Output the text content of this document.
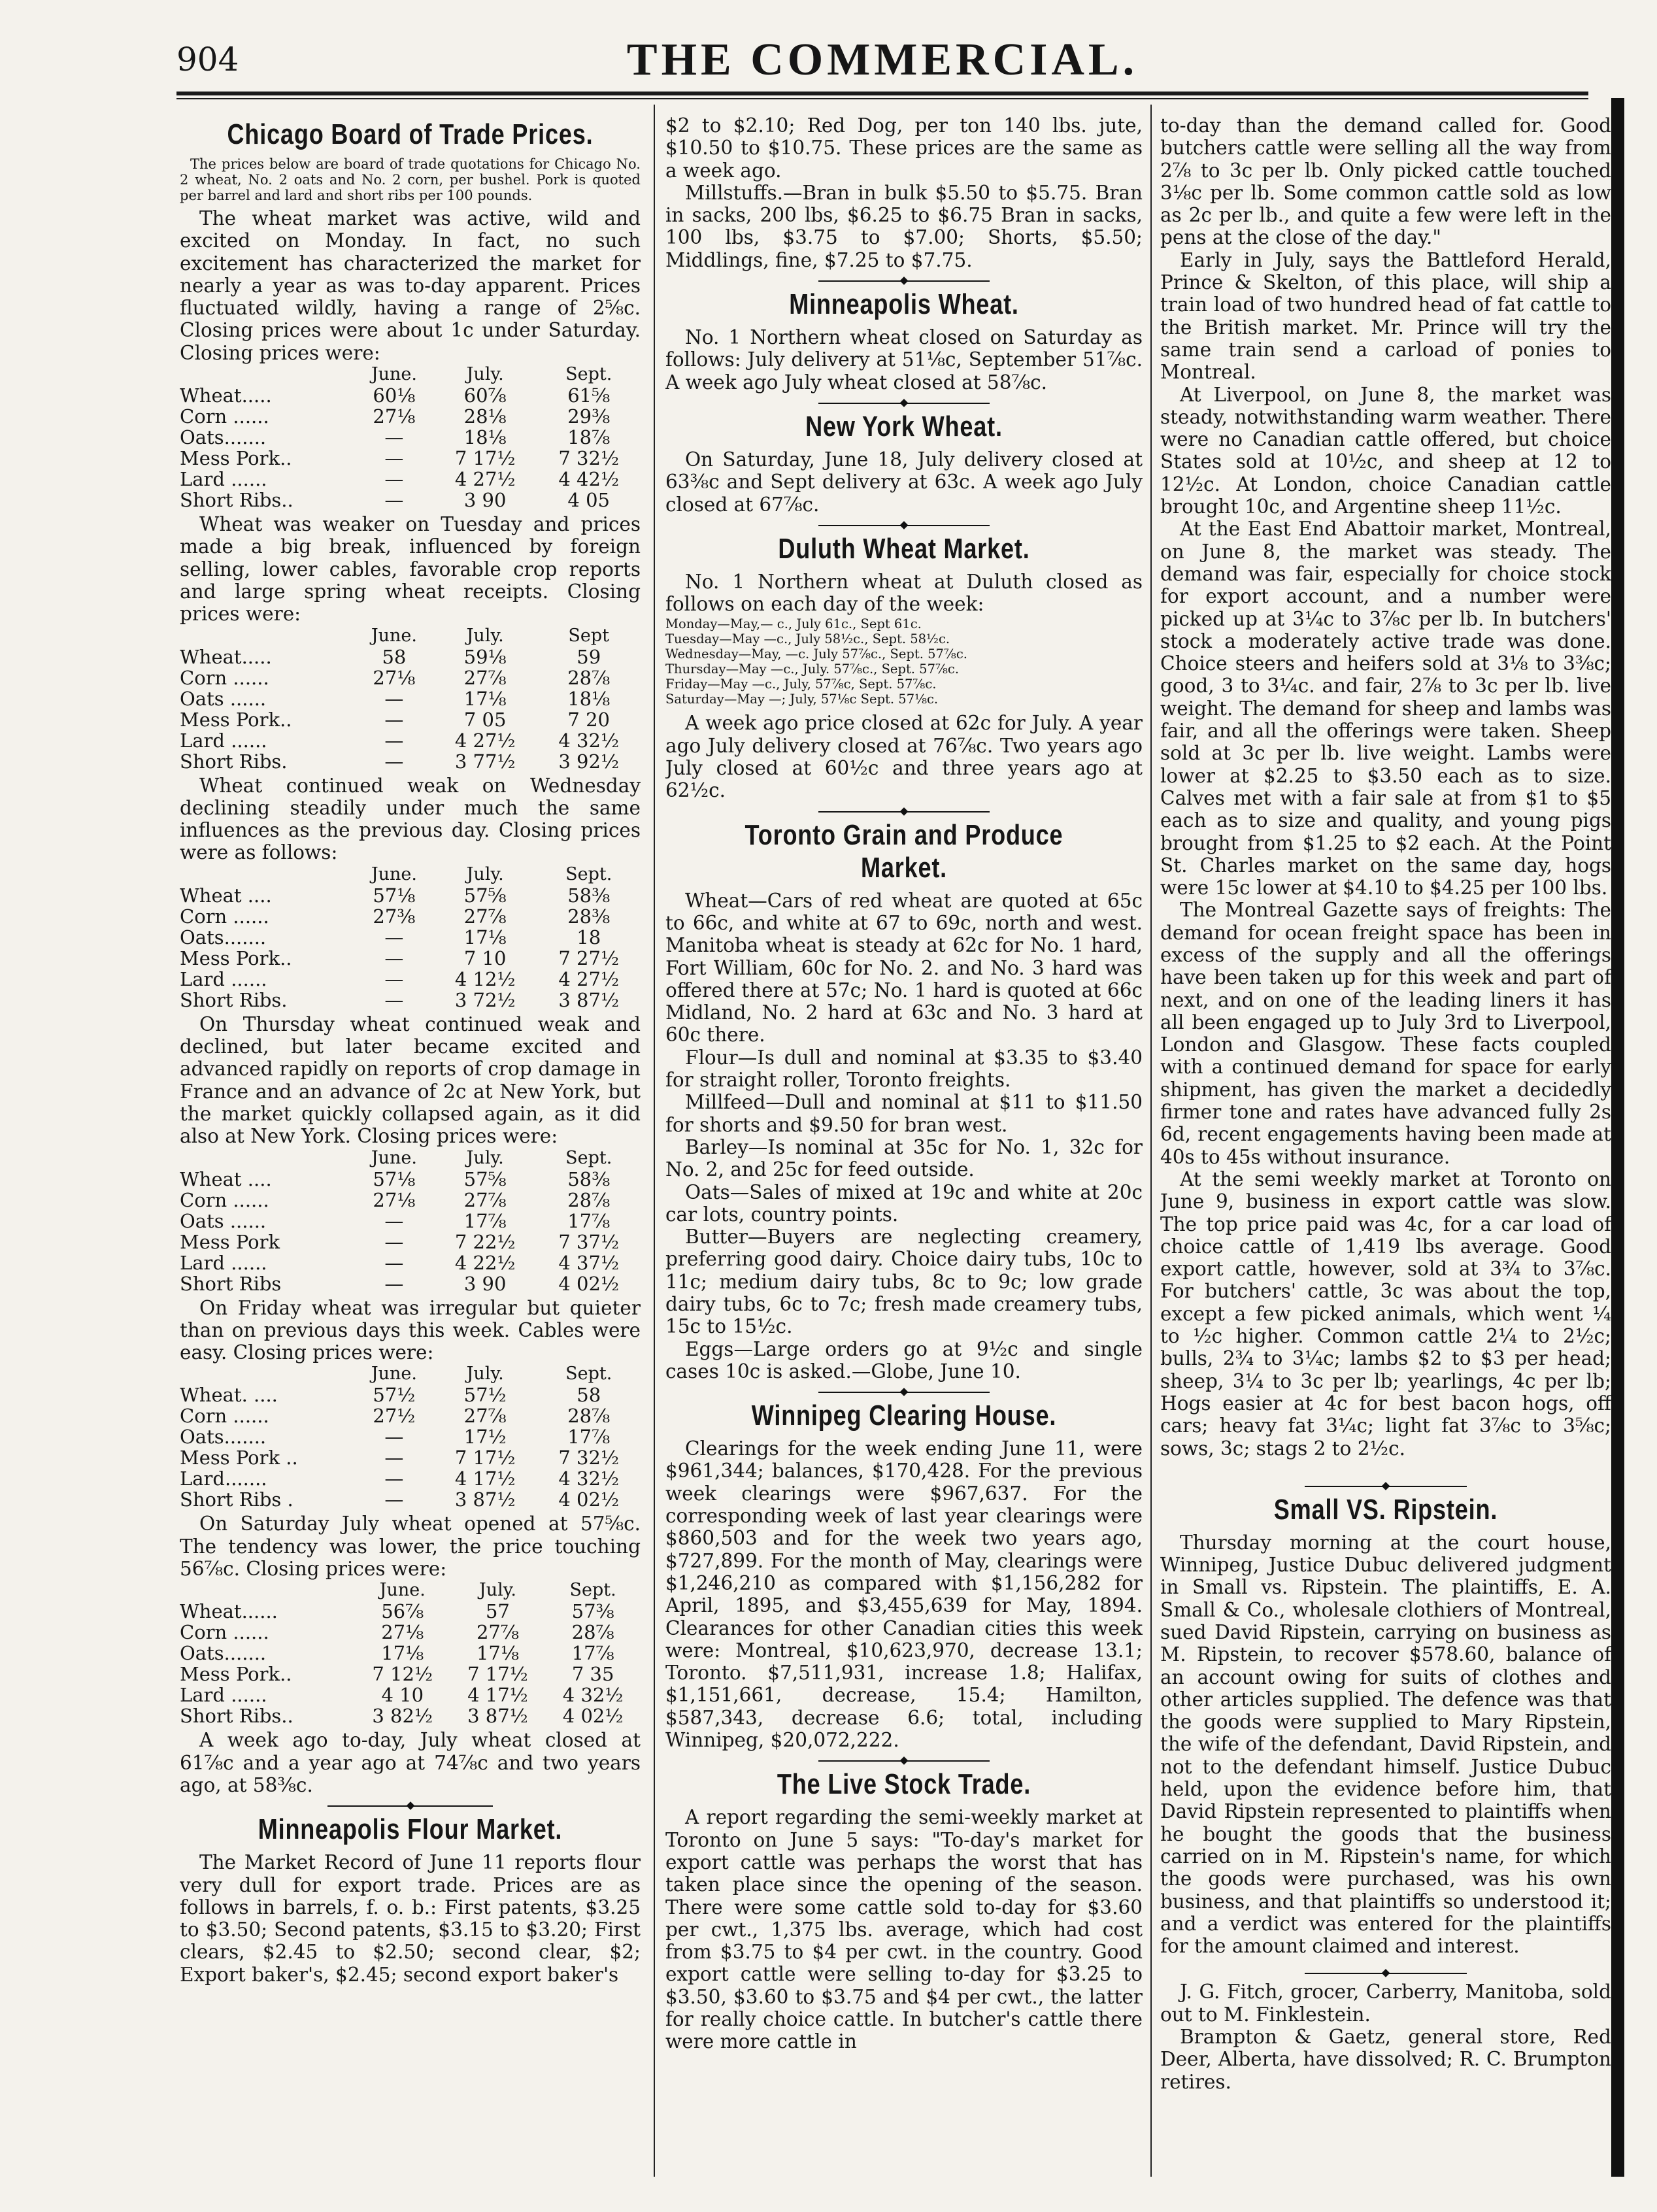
904	THE COMMERCIAL.
Chicago Board of Trade Prices.

The prices below are board of trade quotations for Chicago No. 2 wheat, No. 2 oats and No. 2 corn, per bushel. Pork is quoted per barrel and lard and short ribs per 100 pounds.

The wheat market was active, wild and excited on Monday. In fact, no such excitement has characterized the market for nearly a year as was to-day apparent. Prices fluctuated wildly, having a range of 2⅝c. Closing prices were about 1c under Saturday. Closing prices were:

	June.	July.	Sept.
Wheat.....	60⅛	60⅞	61⅝
Corn ......	27⅛	28⅛	29⅜
Oats.......	—	18⅛	18⅞
Mess Pork..	—	7 17½	7 32½
Lard ......	—	4 27½	4 42½
Short Ribs..	—	3 90	4 05

Wheat was weaker on Tuesday and prices made a big break, influenced by foreign selling, lower cables, favorable crop reports and large spring wheat receipts. Closing prices were:

	June.	July.	Sept
Wheat.....	58	59⅛	59
Corn ......	27⅛	27⅞	28⅞
Oats ......	—	17⅛	18⅛
Mess Pork..	—	7 05	7 20
Lard ......	—	4 27½	4 32½
Short Ribs.	—	3 77½	3 92½

Wheat continued weak on Wednesday declining steadily under much the same influences as the previous day. Closing prices were as follows:

	June.	July.	Sept.
Wheat ....	57⅛	57⅝	58⅜
Corn ......	27⅜	27⅞	28⅜
Oats.......	—	17⅛	18
Mess Pork..	—	7 10	7 27½
Lard ......	—	4 12½	4 27½
Short Ribs.	—	3 72½	3 87½

On Thursday wheat continued weak and declined, but later became excited and advanced rapidly on reports of crop damage in France and an advance of 2c at New York, but the market quickly collapsed again, as it did also at New York. Closing prices were:

	June.	July.	Sept.
Wheat ....	57⅛	57⅝	58⅜
Corn ......	27⅛	27⅞	28⅞
Oats ......	—	17⅞	17⅞
Mess Pork	—	7 22½	7 37½
Lard ......	—	4 22½	4 37½
Short Ribs	—	3 90	4 02½

On Friday wheat was irregular but quieter than on previous days this week. Cables were easy. Closing prices were:

	June.	July.	Sept.
Wheat. ....	57½	57½	58
Corn ......	27½	27⅞	28⅞
Oats.......	—	17½	17⅞
Mess Pork ..	—	7 17½	7 32½
Lard.......	—	4 17½	4 32½
Short Ribs .	—	3 87½	4 02½

On Saturday July wheat opened at 57⅝c. The tendency was lower, the price touching 56⅞c. Closing prices were:

	June.	July.	Sept.
Wheat......	56⅞	57	57⅜
Corn ......	27⅛	27⅞	28⅞
Oats.......	17⅛	17⅛	17⅞
Mess Pork..	7 12½	7 17½	7 35
Lard ......	4 10	4 17½	4 32½
Short Ribs..	3 82½	3 87½	4 02½

A week ago to-day, July wheat closed at 61⅞c and a year ago at 74⅞c and two years ago, at 58⅜c.

Minneapolis Flour Market.

The Market Record of June 11 reports flour very dull for export trade. Prices are as follows in barrels, f. o. b.: First patents, $3.25 to $3.50; Second patents, $3.15 to $3.20; First clears, $2.45 to $2.50; second clear, $2; Export baker's, $2.45; second export baker's

$2 to $2.10; Red Dog, per ton 140 lbs. jute, $10.50 to $10.75. These prices are the same as a week ago.

Millstuffs.—Bran in bulk $5.50 to $5.75. Bran in sacks, 200 lbs, $6.25 to $6.75 Bran in sacks, 100 lbs, $3.75 to $7.00; Shorts, $5.50; Middlings, fine, $7.25 to $7.75.

Minneapolis Wheat.

No. 1 Northern wheat closed on Saturday as follows: July delivery at 51⅛c, September 51⅞c. A week ago July wheat closed at 58⅞c.

New York Wheat.

On Saturday, June 18, July delivery closed at 63⅜c and Sept delivery at 63c. A week ago July closed at 67⅞c.

Duluth Wheat Market.

No. 1 Northern wheat at Duluth closed as follows on each day of the week:

Monday—May,— c., July 61c., Sept 61c.
Tuesday—May —c., July 58½c., Sept. 58½c.
Wednesday—May, —c. July 57⅞c., Sept. 57⅞c.
Thursday—May —c., July. 57⅞c., Sept. 57⅞c.
Friday—May —c., July, 57⅞c, Sept. 57⅞c.
Saturday—May —; July, 57⅛c Sept. 57⅛c.

A week ago price closed at 62c for July. A year ago July delivery closed at 76⅞c. Two years ago July closed at 60½c and three years ago at 62½c.

Toronto Grain and Produce Market.

Wheat—Cars of red wheat are quoted at 65c to 66c, and white at 67 to 69c, north and west. Manitoba wheat is steady at 62c for No. 1 hard, Fort William, 60c for No. 2. and No. 3 hard was offered there at 57c; No. 1 hard is quoted at 66c Midland, No. 2 hard at 63c and No. 3 hard at 60c there.

Flour—Is dull and nominal at $3.35 to $3.40 for straight roller, Toronto freights.

Millfeed—Dull and nominal at $11 to $11.50 for shorts and $9.50 for bran west.

Barley—Is nominal at 35c for No. 1, 32c for No. 2, and 25c for feed outside.

Oats—Sales of mixed at 19c and white at 20c car lots, country points.

Butter—Buyers are neglecting creamery, preferring good dairy. Choice dairy tubs, 10c to 11c; medium dairy tubs, 8c to 9c; low grade dairy tubs, 6c to 7c; fresh made creamery tubs, 15c to 15½c.

Eggs—Large orders go at 9½c and single cases 10c is asked.—Globe, June 10.

Winnipeg Clearing House.

Clearings for the week ending June 11, were $961,344; balances, $170,428. For the previous week clearings were $967,637. For the corresponding week of last year clearings were $860,503 and for the week two years ago, $727,899. For the month of May, clearings were $1,246,210 as compared with $1,156,282 for April, 1895, and $3,455,639 for May, 1894. Clearances for other Canadian cities this week were: Montreal, $10,623,970, decrease 13.1; Toronto. $7,511,931, increase 1.8; Halifax, $1,151,661, decrease, 15.4; Hamilton, $587,343, decrease 6.6; total, including Winnipeg, $20,072,222.

The Live Stock Trade.

A report regarding the semi-weekly market at Toronto on June 5 says: "To-day's market for export cattle was perhaps the worst that has taken place since the opening of the season. There were some cattle sold to-day for $3.60 per cwt., 1,375 lbs. average, which had cost from $3.75 to $4 per cwt. in the country. Good export cattle were selling to-day for $3.25 to $3.50, $3.60 to $3.75 and $4 per cwt., the latter for really choice cattle. In butcher's cattle there were more cattle in

to-day than the demand called for. Good butchers cattle were selling all the way from 2⅞ to 3c per lb. Only picked cattle touched 3⅛c per lb. Some common cattle sold as low as 2c per lb., and quite a few were left in the pens at the close of the day."

Early in July, says the Battleford Herald, Prince & Skelton, of this place, will ship a train load of two hundred head of fat cattle to the British market. Mr. Prince will try the same train send a carload of ponies to Montreal.

At Liverpool, on June 8, the market was steady, notwithstanding warm weather. There were no Canadian cattle offered, but choice States sold at 10½c, and sheep at 12 to 12½c. At London, choice Canadian cattle brought 10c, and Argentine sheep 11½c.

At the East End Abattoir market, Montreal, on June 8, the market was steady. The demand was fair, especially for choice stock for export account, and a number were picked up at 3¼c to 3⅞c per lb. In butchers' stock a moderately active trade was done. Choice steers and heifers sold at 3⅛ to 3⅜c; good, 3 to 3¼c. and fair, 2⅞ to 3c per lb. live weight. The demand for sheep and lambs was fair, and all the offerings were taken. Sheep sold at 3c per lb. live weight. Lambs were lower at $2.25 to $3.50 each as to size. Calves met with a fair sale at from $1 to $5 each as to size and quality, and young pigs brought from $1.25 to $2 each. At the Point St. Charles market on the same day, hogs were 15c lower at $4.10 to $4.25 per 100 lbs.

The Montreal Gazette says of freights: The demand for ocean freight space has been in excess of the supply and all the offerings have been taken up for this week and part of next, and on one of the leading liners it has all been engaged up to July 3rd to Liverpool, London and Glasgow. These facts coupled with a continued demand for space for early shipment, has given the market a decidedly firmer tone and rates have advanced fully 2s 6d, recent engagements having been made at 40s to 45s without insurance.

At the semi weekly market at Toronto on June 9, business in export cattle was slow. The top price paid was 4c, for a car load of choice cattle of 1,419 lbs average. Good export cattle, however, sold at 3¾ to 3⅞c. For butchers' cattle, 3c was about the top, except a few picked animals, which went ¼ to ½c higher. Common cattle 2¼ to 2½c; bulls, 2¾ to 3¼c; lambs $2 to $3 per head; sheep, 3¼ to 3c per lb; yearlings, 4c per lb; Hogs easier at 4c for best bacon hogs, off cars; heavy fat 3¼c; light fat 3⅞c to 3⅝c; sows, 3c; stags 2 to 2½c.

Small VS. Ripstein.

Thursday morning at the court house, Winnipeg, Justice Dubuc delivered judgment in Small vs. Ripstein. The plaintiffs, E. A. Small & Co., wholesale clothiers of Montreal, sued David Ripstein, carrying on business as M. Ripstein, to recover $578.60, balance of an account owing for suits of clothes and other articles supplied. The defence was that the goods were supplied to Mary Ripstein, the wife of the defendant, David Ripstein, and not to the defendant himself. Justice Dubuc held, upon the evidence before him, that David Ripstein represented to plaintiffs when he bought the goods that the business carried on in M. Ripstein's name, for which the goods were purchased, was his own business, and that plaintiffs so understood it; and a verdict was entered for the plaintiffs for the amount claimed and interest.

J. G. Fitch, grocer, Carberry, Manitoba, sold out to M. Finklestein.

Brampton & Gaetz, general store, Red Deer, Alberta, have dissolved; R. C. Brumpton retires.
